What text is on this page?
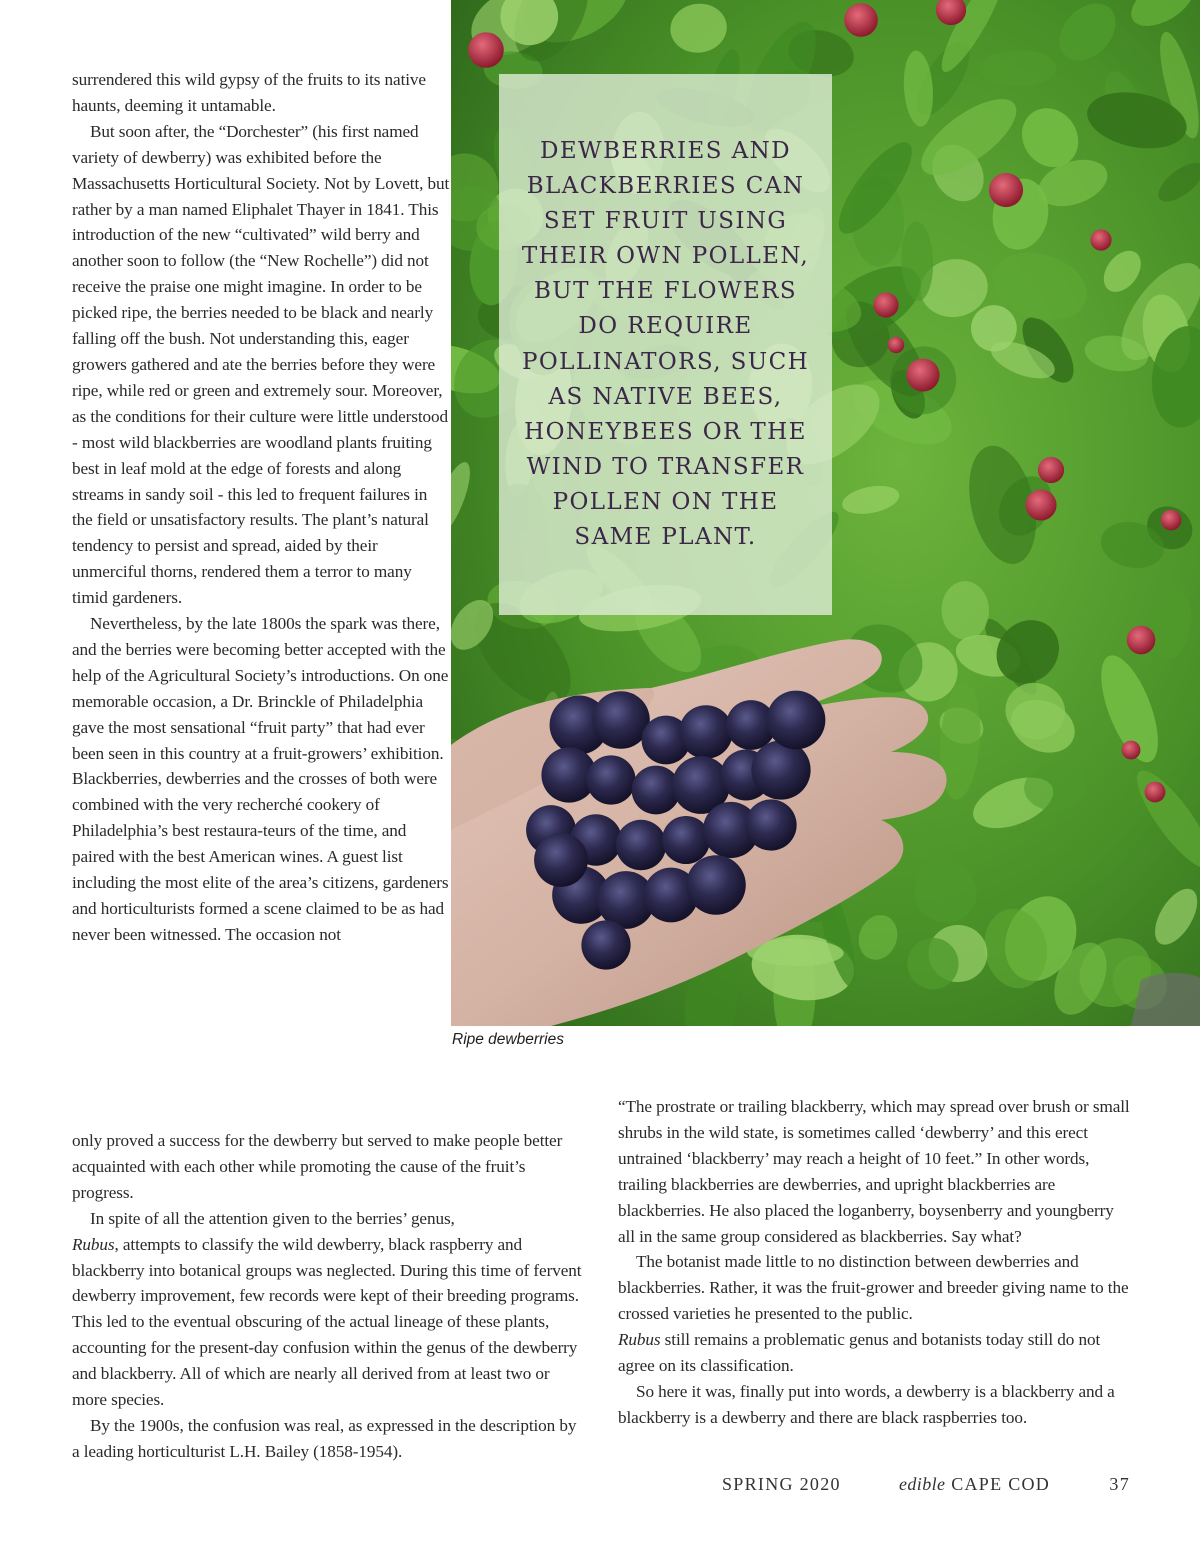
surrendered this wild gypsy of the fruits to its native haunts, deeming it untamable.

But soon after, the “Dorchester” (his first named variety of dewberry) was exhibited before the Massachusetts Horticultural Society. Not by Lovett, but rather by a man named Eliphalet Thayer in 1841. This introduction of the new “cultivated” wild berry and another soon to follow (the “New Rochelle”) did not receive the praise one might imagine. In order to be picked ripe, the berries needed to be black and nearly falling off the bush. Not understanding this, eager growers gathered and ate the berries before they were ripe, while red or green and extremely sour. Moreover, as the conditions for their culture were little understood - most wild blackberries are woodland plants fruiting best in leaf mold at the edge of forests and along streams in sandy soil - this led to frequent failures in the field or unsatisfactory results. The plant’s natural tendency to persist and spread, aided by their unmerciful thorns, rendered them a terror to many timid gardeners.

Nevertheless, by the late 1800s the spark was there, and the berries were becoming better accepted with the help of the Agricultural Society’s introductions. On one memorable occasion, a Dr. Brinckle of Philadelphia gave the most sensational “fruit party” that had ever been seen in this country at a fruit-growers’ exhibition. Blackberries, dewberries and the crosses of both were combined with the very recherché cookery of Philadelphia’s best restaura-teurs of the time, and paired with the best American wines. A guest list including the most elite of the area’s citizens, gardeners and horticulturists formed a scene claimed to be as had never been witnessed. The occasion not

only proved a success for the dewberry but served to make people better acquainted with each other while promoting the cause of the fruit’s progress.

In spite of all the attention given to the berries’ genus,
Rubus, attempts to classify the wild dewberry, black raspberry and blackberry into botanical groups was neglected. During this time of fervent dewberry improvement, few records were kept of their breeding programs. This led to the eventual obscuring of the actual lineage of these plants, accounting for the present-day confusion within the genus of the dewberry and blackberry. All of which are nearly all derived from at least two or more species.

By the 1900s, the confusion was real, as expressed in the description by a leading horticulturist L.H. Bailey (1858-1954).

“The prostrate or trailing blackberry, which may spread over brush or small shrubs in the wild state, is sometimes called ‘dewberry’ and this erect untrained ‘blackberry’ may reach a height of 10 feet.” In other words, trailing blackberries are dewberries, and upright blackberries are blackberries. He also placed the loganberry, boysenberry and youngberry all in the same group considered as blackberries. Say what?

The botanist made little to no distinction between dewberries and blackberries. Rather, it was the fruit-grower and breeder giving name to the crossed varieties he presented to the public.
Rubus still remains a problematic genus and botanists today still do not agree on its classification.

So here it was, finally put into words, a dewberry is a blackberry and a blackberry is a dewberry and there are black raspberries too.

DEWBERRIES AND BLACKBERRIES CAN SET FRUIT USING THEIR OWN POLLEN, BUT THE FLOWERS DO REQUIRE POLLINATORS, SUCH AS NATIVE BEES, HONEYBEES OR THE WIND TO TRANSFER POLLEN ON THE SAME PLANT.

Ripe dewberries
SPRING 2020	edible CAPE COD	37
